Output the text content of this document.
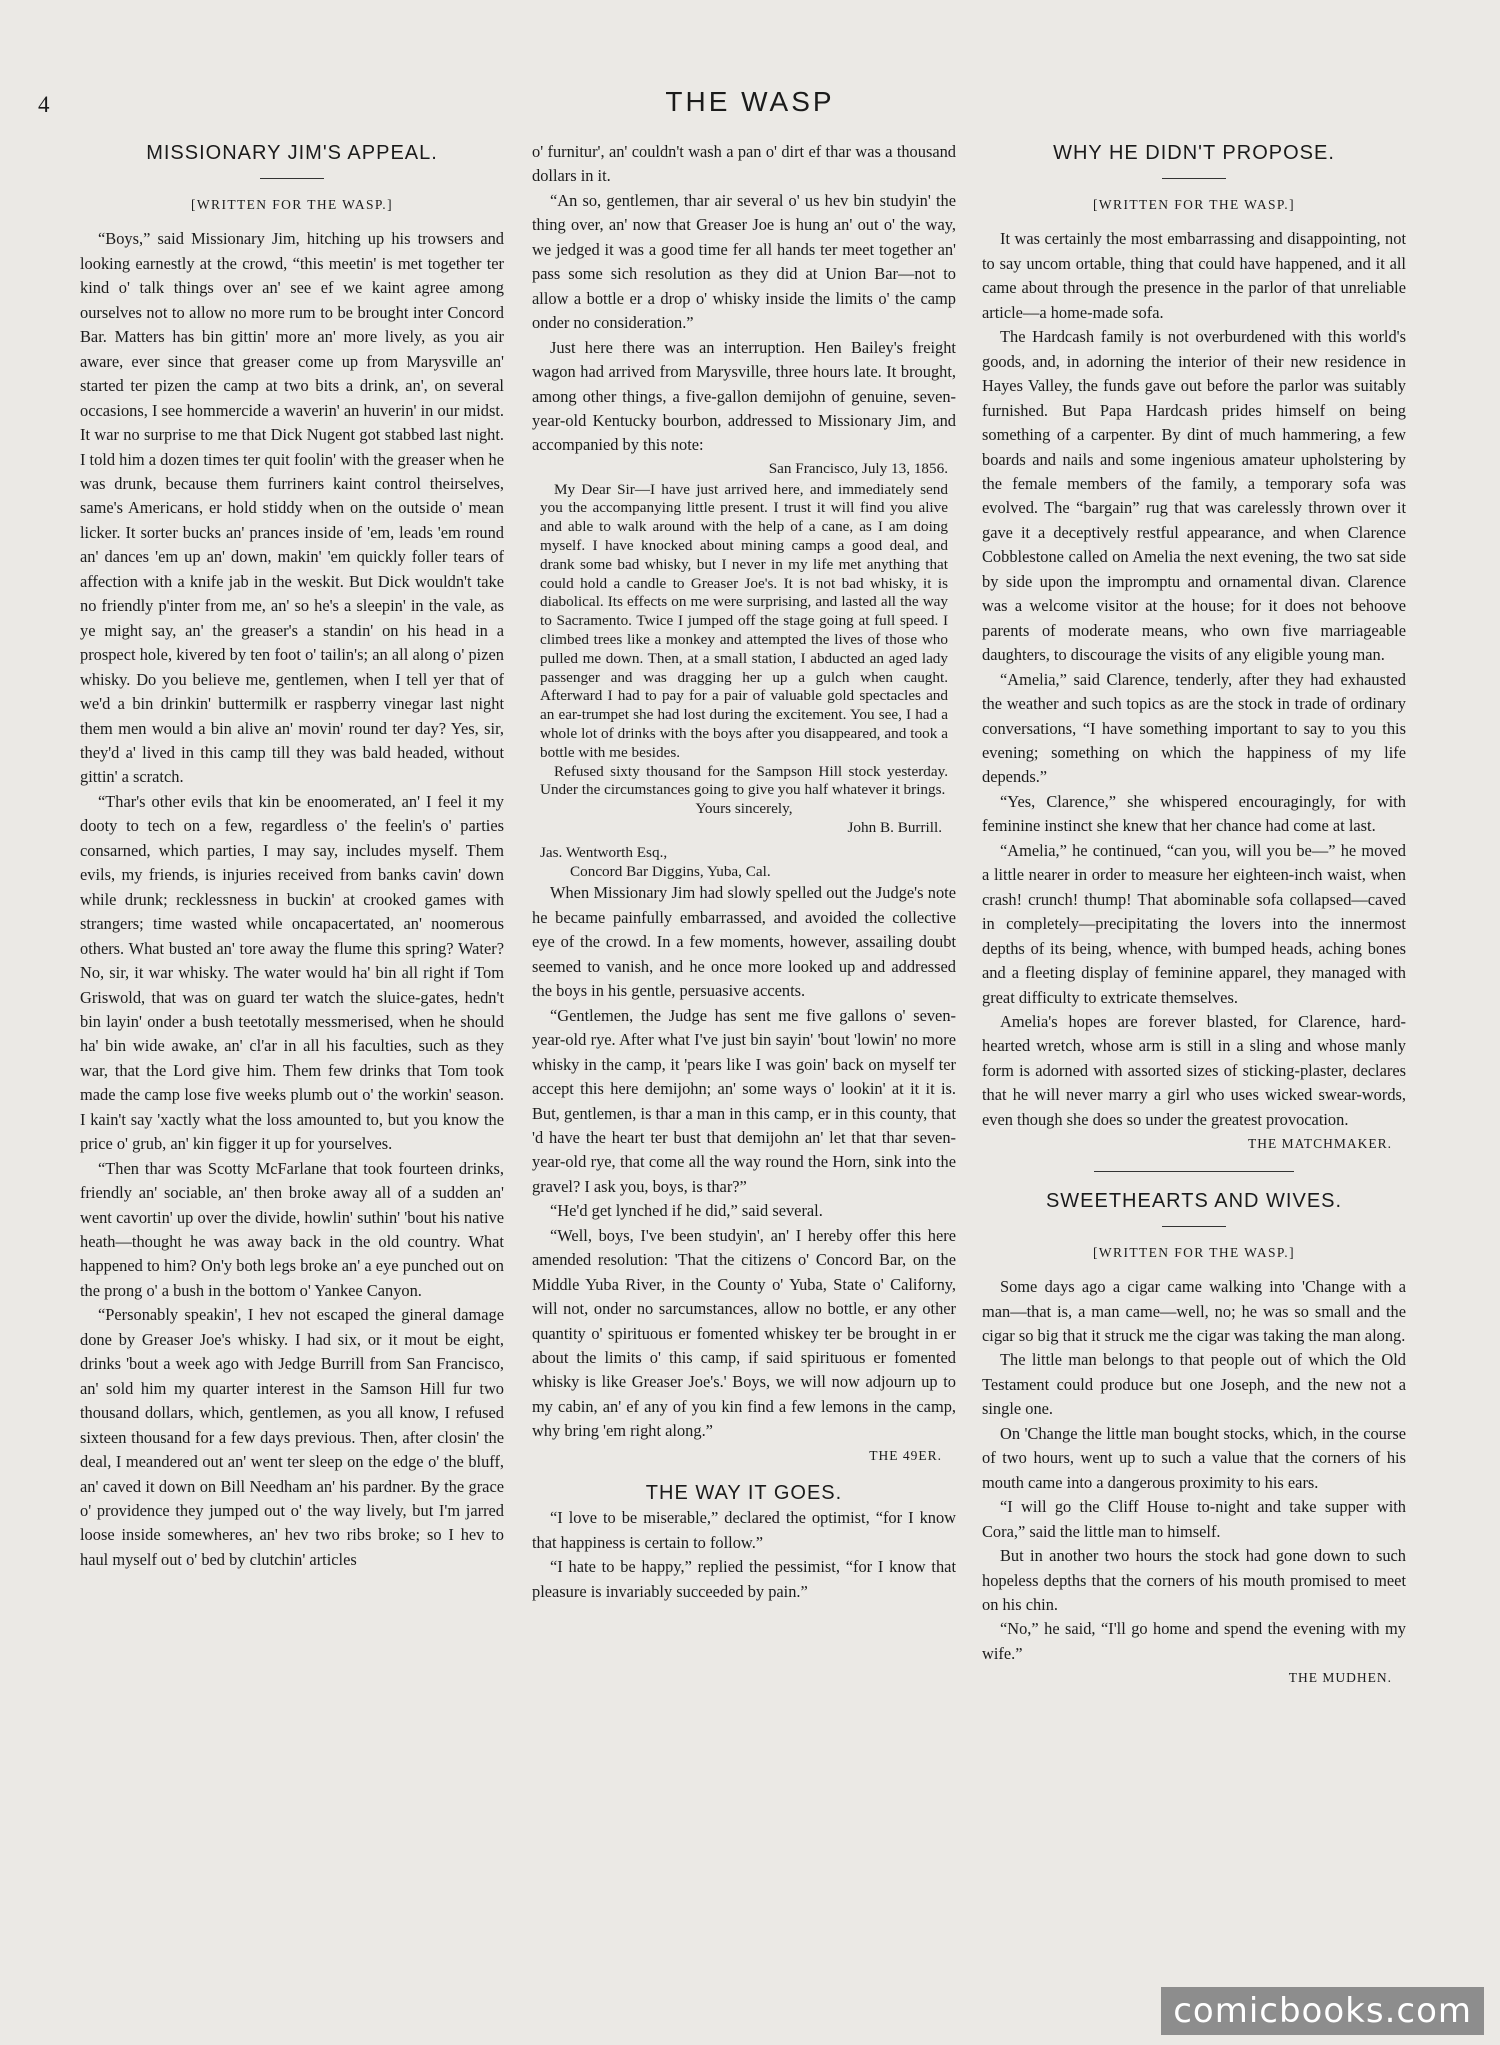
4	THE WASP
MISSIONARY JIM'S APPEAL.
[WRITTEN FOR THE WASP.]

“Boys,” said Missionary Jim, hitching up his trowsers and looking earnestly at the crowd, “this meetin' is met together ter kind o' talk things over an' see ef we kaint agree among ourselves not to allow no more rum to be brought inter Concord Bar. Matters has bin gittin' more an' more lively, as you air aware, ever since that greaser come up from Marysville an' started ter pizen the camp at two bits a drink, an', on several occasions, I see hommercide a waverin' an huverin' in our midst. It war no surprise to me that Dick Nugent got stabbed last night. I told him a dozen times ter quit foolin' with the greaser when he was drunk, because them furriners kaint control theirselves, same's Americans, er hold stiddy when on the outside o' mean licker. It sorter bucks an' prances inside of 'em, leads 'em round an' dances 'em up an' down, makin' 'em quickly foller tears of affection with a knife jab in the weskit. But Dick wouldn't take no friendly p'inter from me, an' so he's a sleepin' in the vale, as ye might say, an' the greaser's a standin' on his head in a prospect hole, kivered by ten foot o' tailin's; an all along o' pizen whisky. Do you believe me, gentlemen, when I tell yer that of we'd a bin drinkin' buttermilk er raspberry vinegar last night them men would a bin alive an' movin' round ter day? Yes, sir, they'd a' lived in this camp till they was bald headed, without gittin' a scratch.

“Thar's other evils that kin be enoomerated, an' I feel it my dooty to tech on a few, regardless o' the feelin's o' parties consarned, which parties, I may say, includes myself. Them evils, my friends, is injuries received from banks cavin' down while drunk; recklessness in buckin' at crooked games with strangers; time wasted while oncapacertated, an' noomerous others. What busted an' tore away the flume this spring? Water? No, sir, it war whisky. The water would ha' bin all right if Tom Griswold, that was on guard ter watch the sluice-gates, hedn't bin layin' onder a bush teetotally messmerised, when he should ha' bin wide awake, an' cl'ar in all his faculties, such as they war, that the Lord give him. Them few drinks that Tom took made the camp lose five weeks plumb out o' the workin' season. I kain't say 'xactly what the loss amounted to, but you know the price o' grub, an' kin figger it up for yourselves.

“Then thar was Scotty McFarlane that took fourteen drinks, friendly an' sociable, an' then broke away all of a sudden an' went cavortin' up over the divide, howlin' suthin' 'bout his native heath—thought he was away back in the old country. What happened to him? On'y both legs broke an' a eye punched out on the prong o' a bush in the bottom o' Yankee Canyon.

“Personably speakin', I hev not escaped the gineral damage done by Greaser Joe's whisky. I had six, or it mout be eight, drinks 'bout a week ago with Jedge Burrill from San Francisco, an' sold him my quarter interest in the Samson Hill fur two thousand dollars, which, gentlemen, as you all know, I refused sixteen thousand for a few days previous. Then, after closin' the deal, I meandered out an' went ter sleep on the edge o' the bluff, an' caved it down on Bill Needham an' his pardner. By the grace o' providence they jumped out o' the way lively, but I'm jarred loose inside somewheres, an' hev two ribs broke; so I hev to haul myself out o' bed by clutchin' articles

o' furnitur', an' couldn't wash a pan o' dirt ef thar was a thousand dollars in it.

“An so, gentlemen, thar air several o' us hev bin studyin' the thing over, an' now that Greaser Joe is hung an' out o' the way, we jedged it was a good time fer all hands ter meet together an' pass some sich resolution as they did at Union Bar—not to allow a bottle er a drop o' whisky inside the limits o' the camp onder no consideration.”

Just here there was an interruption. Hen Bailey's freight wagon had arrived from Marysville, three hours late. It brought, among other things, a five-gallon demijohn of genuine, seven-year-old Kentucky bourbon, addressed to Missionary Jim, and accompanied by this note:

San Francisco, July 13, 1856.

My Dear Sir—I have just arrived here, and immediately send you the accompanying little present. I trust it will find you alive and able to walk around with the help of a cane, as I am doing myself. I have knocked about mining camps a good deal, and drank some bad whisky, but I never in my life met anything that could hold a candle to Greaser Joe's. It is not bad whisky, it is diabolical. Its effects on me were surprising, and lasted all the way to Sacramento. Twice I jumped off the stage going at full speed. I climbed trees like a monkey and attempted the lives of those who pulled me down. Then, at a small station, I abducted an aged lady passenger and was dragging her up a gulch when caught. Afterward I had to pay for a pair of valuable gold spectacles and an ear-trumpet she had lost during the excitement. You see, I had a whole lot of drinks with the boys after you disappeared, and took a bottle with me besides.

Refused sixty thousand for the Sampson Hill stock yesterday. Under the circumstances going to give you half whatever it brings.

Yours sincerely,
John B. Burrill.
Jas. Wentworth Esq.,
Concord Bar Diggins, Yuba, Cal.

When Missionary Jim had slowly spelled out the Judge's note he became painfully embarrassed, and avoided the collective eye of the crowd. In a few moments, however, assailing doubt seemed to vanish, and he once more looked up and addressed the boys in his gentle, persuasive accents.

“Gentlemen, the Judge has sent me five gallons o' seven-year-old rye. After what I've just bin sayin' 'bout 'lowin' no more whisky in the camp, it 'pears like I was goin' back on myself ter accept this here demijohn; an' some ways o' lookin' at it it is. But, gentlemen, is thar a man in this camp, er in this county, that 'd have the heart ter bust that demijohn an' let that thar seven-year-old rye, that come all the way round the Horn, sink into the gravel? I ask you, boys, is thar?”

“He'd get lynched if he did,” said several.

“Well, boys, I've been studyin', an' I hereby offer this here amended resolution: 'That the citizens o' Concord Bar, on the Middle Yuba River, in the County o' Yuba, State o' Californy, will not, onder no sarcumstances, allow no bottle, er any other quantity o' spirituous er fomented whiskey ter be brought in er about the limits o' this camp, if said spirituous er fomented whisky is like Greaser Joe's.' Boys, we will now adjourn up to my cabin, an' ef any of you kin find a few lemons in the camp, why bring 'em right along.”

THE 49ER.
THE WAY IT GOES.

“I love to be miserable,” declared the optimist, “for I know that happiness is certain to follow.”

“I hate to be happy,” replied the pessimist, “for I know that pleasure is invariably succeeded by pain.”

WHY HE DIDN'T PROPOSE.
[WRITTEN FOR THE WASP.]

It was certainly the most embarrassing and disappointing, not to say uncom ortable, thing that could have happened, and it all came about through the presence in the parlor of that unreliable article—a home-made sofa.

The Hardcash family is not overburdened with this world's goods, and, in adorning the interior of their new residence in Hayes Valley, the funds gave out before the parlor was suitably furnished. But Papa Hardcash prides himself on being something of a carpenter. By dint of much hammering, a few boards and nails and some ingenious amateur upholstering by the female members of the family, a temporary sofa was evolved. The “bargain” rug that was carelessly thrown over it gave it a deceptively restful appearance, and when Clarence Cobblestone called on Amelia the next evening, the two sat side by side upon the impromptu and ornamental divan. Clarence was a welcome visitor at the house; for it does not behoove parents of moderate means, who own five marriageable daughters, to discourage the visits of any eligible young man.

“Amelia,” said Clarence, tenderly, after they had exhausted the weather and such topics as are the stock in trade of ordinary conversations, “I have something important to say to you this evening; something on which the happiness of my life depends.”

“Yes, Clarence,” she whispered encouragingly, for with feminine instinct she knew that her chance had come at last.

“Amelia,” he continued, “can you, will you be—” he moved a little nearer in order to measure her eighteen-inch waist, when crash! crunch! thump! That abominable sofa collapsed—caved in completely—precipitating the lovers into the innermost depths of its being, whence, with bumped heads, aching bones and a fleeting display of feminine apparel, they managed with great difficulty to extricate themselves.

Amelia's hopes are forever blasted, for Clarence, hard-hearted wretch, whose arm is still in a sling and whose manly form is adorned with assorted sizes of sticking-plaster, declares that he will never marry a girl who uses wicked swear-words, even though she does so under the greatest provocation.

THE MATCHMAKER.
SWEETHEARTS AND WIVES.
[WRITTEN FOR THE WASP.]

Some days ago a cigar came walking into 'Change with a man—that is, a man came—well, no; he was so small and the cigar so big that it struck me the cigar was taking the man along.

The little man belongs to that people out of which the Old Testament could produce but one Joseph, and the new not a single one.

On 'Change the little man bought stocks, which, in the course of two hours, went up to such a value that the corners of his mouth came into a dangerous proximity to his ears.

“I will go the Cliff House to-night and take supper with Cora,” said the little man to himself.

But in another two hours the stock had gone down to such hopeless depths that the corners of his mouth promised to meet on his chin.

“No,” he said, “I'll go home and spend the evening with my wife.”

THE MUDHEN.
comicbooks.com
